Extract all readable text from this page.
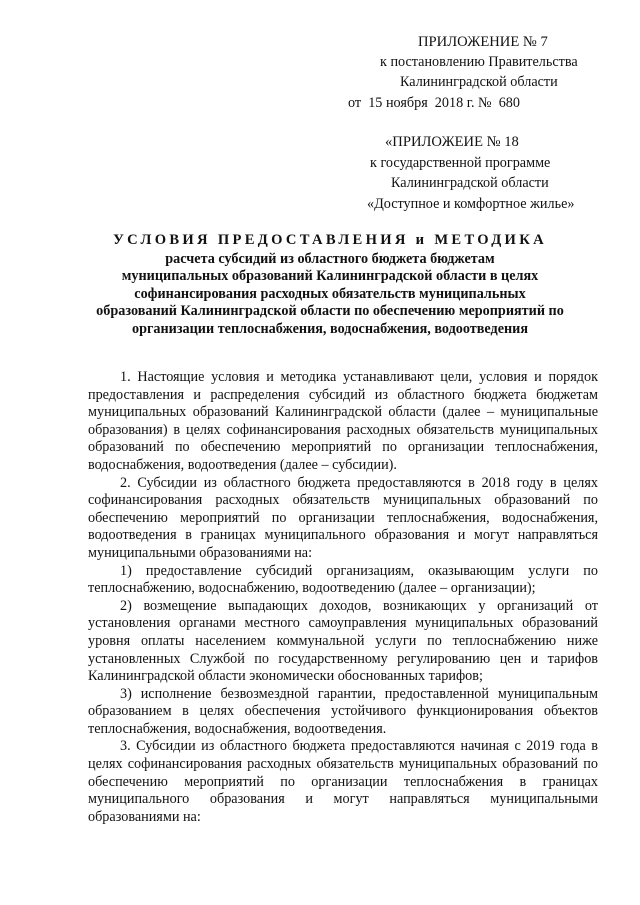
ПРИЛОЖЕНИЕ № 7
к постановлению Правительства
Калининградской области
от 15 ноября  2018 г. № 680
«ПРИЛОЖЕИЕ № 18
к государственной программе
Калининградской области
«Доступное и комфортное жилье»
УСЛОВИЯ ПРЕДОСТАВЛЕНИЯ и МЕТОДИКА
расчета субсидий из областного бюджета бюджетам
муниципальных образований Калининградской области в целях
софинансирования расходных обязательств муниципальных
образований Калининградской области по обеспечению мероприятий по
организации теплоснабжения, водоснабжения, водоотведения

1. Настоящие условия и методика устанавливают цели, условия и порядок предоставления и распределения субсидий из областного бюджета бюджетам муниципальных образований Калининградской области (далее – муниципальные образования) в целях софинансирования расходных обязательств муниципальных образований по обеспечению мероприятий по организации теплоснабжения, водоснабжения, водоотведения (далее – субсидии).

2. Субсидии из областного бюджета предоставляются в 2018 году в целях софинансирования расходных обязательств муниципальных образований по обеспечению мероприятий по организации теплоснабжения, водоснабжения, водоотведения в границах муниципального образования и могут направляться муниципальными образованиями на:

1) предоставление субсидий организациям, оказывающим услуги по теплоснабжению, водоснабжению, водоотведению (далее – организации);

2) возмещение выпадающих доходов, возникающих у организаций от установления органами местного самоуправления муниципальных образований уровня оплаты населением коммунальной услуги по теплоснабжению ниже установленных Службой по государственному регулированию цен и тарифов Калининградской области экономически обоснованных тарифов;

3) исполнение безвозмездной гарантии, предоставленной муниципальным образованием в целях обеспечения устойчивого функционирования объектов теплоснабжения, водоснабжения, водоотведения.

3. Субсидии из областного бюджета предоставляются начиная с 2019 года в целях софинансирования расходных обязательств муниципальных образований по обеспечению мероприятий по организации теплоснабжения в границах муниципального образования и могут направляться муниципальными образованиями на:
